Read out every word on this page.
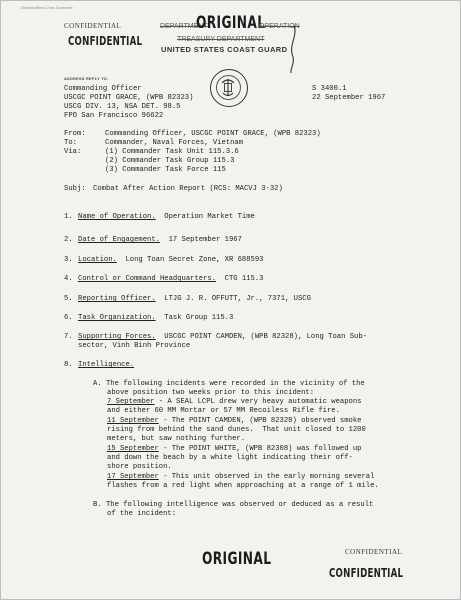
Declassified Lines Scanned
CONFIDENTIAL
CONFIDENTIAL
DEPARTMENT
ORIGINAL
OPERATION
TREASURY DEPARTMENT
UNITED STATES COAST GUARD
ADDRESS REPLY TO:
Commanding Officer
USCGC POINT GRACE, (WPB 82323)
USCG DIV. 13, NSA DET. 98.5
FPO San Francisco 96622
S 3400.1
22 September 1967
From:	Commanding Officer, USCGC POINT GRACE, (WPB 82323)
To:	Commander, Naval Forces, Vietnam
Via:	(1) Commander Task Unit 115.3.6
(2) Commander Task Group 115.3
(3) Commander Task Force 115
Subj: Combat After Action Report (RCS: MACVJ 3-32)
1. Name of Operation. Operation Market Time
2. Date of Engagement. 17 September 1967
3. Location. Long Toan Secret Zone, XR 688593
4. Control or Command Headquarters. CTG 115.3
5. Reporting Officer. LTJG J. R. OFFUTT, Jr., 7371, USCG
6. Task Organization. Task Group 115.3
7. Supporting Forces. USCGC POINT CAMDEN, (WPB 82328), Long Toan Sub-
sector, Vinh Binh Province
8. Intelligence.
A. The following incidents were recorded in the vicinity of the
above position two weeks prior to this incident:
7 September - A SEAL LCPL drew very heavy automatic weapons
and either 60 MM Mortar or 57 MM Recoiless Rifle fire.
11 September - The POINT CAMDEN, (WPB 82328) observed smoke
rising from behind the sand dunes.  That unit closed to 1200
meters, but saw nothing further.
15 September - The POINT WHITE, (WPB 82308) was followed up
and down the beach by a white light indicating their off-
shore position.
17 September - This unit observed in the early morning several
flashes from a red light when approaching at a range of 1 mile.
B. The following intelligence was observed or deduced as a result
of the incident:
ORIGINAL	CONFIDENTIAL
CONFIDENTIAL
